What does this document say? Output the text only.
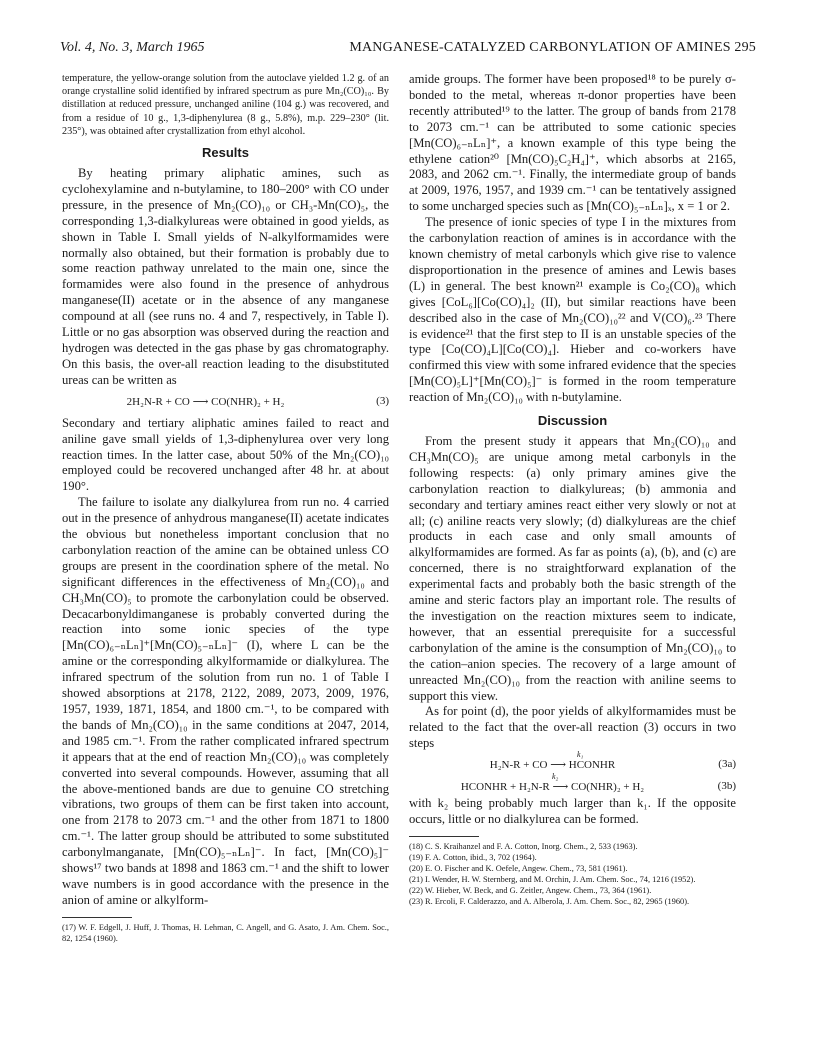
Vol. 4, No. 3, March 1965	MANGANESE-CATALYZED CARBONYLATION OF AMINES 295

temperature, the yellow-orange solution from the autoclave yielded 1.2 g. of an orange crystalline solid identified by infrared spectrum as pure Mn₂(CO)₁₀. By distillation at reduced pressure, unchanged aniline (104 g.) was recovered, and from a residue of 10 g., 1,3-diphenylurea (8 g., 5.8%), m.p. 229–230° (lit. 235°), was obtained after crystallization from ethyl alcohol.

Results

By heating primary aliphatic amines, such as cyclohexylamine and n-butylamine, to 180–200° with CO under pressure, in the presence of Mn₂(CO)₁₀ or CH₃-Mn(CO)₅, the corresponding 1,3-dialkylureas were obtained in good yields, as shown in Table I. Small yields of N-alkylformamides were normally also obtained, but their formation is probably due to some reaction pathway unrelated to the main one, since the formamides were also found in the presence of anhydrous manganese(II) acetate or in the absence of any manganese compound at all (see runs no. 4 and 7, respectively, in Table I). Little or no gas absorption was observed during the reaction and hydrogen was detected in the gas phase by gas chromatography. On this basis, the over-all reaction leading to the disubstituted ureas can be written as

2H₂N-R + CO ⟶ CO(NHR)₂ + H₂	(3)

Secondary and tertiary aliphatic amines failed to react and aniline gave small yields of 1,3-diphenylurea over very long reaction times. In the latter case, about 50% of the Mn₂(CO)₁₀ employed could be recovered unchanged after 48 hr. at about 190°.

The failure to isolate any dialkylurea from run no. 4 carried out in the presence of anhydrous manganese(II) acetate indicates the obvious but nonetheless important conclusion that no carbonylation reaction of the amine can be obtained unless CO groups are present in the coordination sphere of the metal. No significant differences in the effectiveness of Mn₂(CO)₁₀ and CH₃Mn(CO)₅ to promote the carbonylation could be observed. Decacarbonyldimanganese is probably converted during the reaction into some ionic species of the type [Mn(CO)₆₋ₙLₙ]⁺[Mn(CO)₅₋ₙLₙ]⁻ (I), where L can be the amine or the corresponding alkylformamide or dialkylurea. The infrared spectrum of the solution from run no. 1 of Table I showed absorptions at 2178, 2122, 2089, 2073, 2009, 1976, 1957, 1939, 1871, 1854, and 1800 cm.⁻¹, to be compared with the bands of Mn₂(CO)₁₀ in the same conditions at 2047, 2014, and 1985 cm.⁻¹. From the rather complicated infrared spectrum it appears that at the end of reaction Mn₂(CO)₁₀ was completely converted into several compounds. However, assuming that all the above-mentioned bands are due to genuine CO stretching vibrations, two groups of them can be first taken into account, one from 2178 to 2073 cm.⁻¹ and the other from 1871 to 1800 cm.⁻¹. The latter group should be attributed to some substituted carbonylmanganate, [Mn(CO)₅₋ₙLₙ]⁻. In fact, [Mn(CO)₅]⁻ shows¹⁷ two bands at 1898 and 1863 cm.⁻¹ and the shift to lower wave numbers is in good accordance with the presence in the anion of amine or alkylform-

(17) W. F. Edgell, J. Huff, J. Thomas, H. Lehman, C. Angell, and G. Asato, J. Am. Chem. Soc., 82, 1254 (1960).

amide groups. The former have been proposed¹⁸ to be purely σ-bonded to the metal, whereas π-donor properties have been recently attributed¹⁹ to the latter. The group of bands from 2178 to 2073 cm.⁻¹ can be attributed to some cationic species [Mn(CO)₆₋ₙLₙ]⁺, a known example of this type being the ethylene cation²⁰ [Mn(CO)₅C₂H₄]⁺, which absorbs at 2165, 2083, and 2062 cm.⁻¹. Finally, the intermediate group of bands at 2009, 1976, 1957, and 1939 cm.⁻¹ can be tentatively assigned to some uncharged species such as [Mn(CO)₅₋ₙLₙ]ₓ, x = 1 or 2.

The presence of ionic species of type I in the mixtures from the carbonylation reaction of amines is in accordance with the known chemistry of metal carbonyls which give rise to valence disproportionation in the presence of amines and Lewis bases (L) in general. The best known²¹ example is Co₂(CO)₈ which gives [CoL₆][Co(CO)₄]₂ (II), but similar reactions have been described also in the case of Mn₂(CO)₁₀²² and V(CO)₆.²³ There is evidence²¹ that the first step to II is an unstable species of the type [Co(CO)₄L][Co(CO)₄]. Hieber and co-workers have confirmed this view with some infrared evidence that the species [Mn(CO)₅L]⁺[Mn(CO)₅]⁻ is formed in the room temperature reaction of Mn₂(CO)₁₀ with n-butylamine.

Discussion

From the present study it appears that Mn₂(CO)₁₀ and CH₃Mn(CO)₅ are unique among metal carbonyls in the following respects: (a) only primary amines give the carbonylation reaction to dialkylureas; (b) ammonia and secondary and tertiary amines react either very slowly or not at all; (c) aniline reacts very slowly; (d) dialkylureas are the chief products in each case and only small amounts of alkylformamides are formed. As far as points (a), (b), and (c) are concerned, there is no straightforward explanation of the experimental facts and probably both the basic strength of the amine and steric factors play an important role. The results of the investigation on the reaction mixtures seem to indicate, however, that an essential prerequisite for a successful carbonylation of the amine is the consumption of Mn₂(CO)₁₀ to the cation–anion species. The recovery of a large amount of unreacted Mn₂(CO)₁₀ from the reaction with aniline seems to support this view.

As for point (d), the poor yields of alkylformamides must be related to the fact that the over-all reaction (3) occurs in two steps

k₁
H₂N-R + CO ⟶ HCONHR	(3a)
k₂
HCONHR + H₂N-R ⟶ CO(NHR)₂ + H₂	(3b)

with k₂ being probably much larger than k₁. If the opposite occurs, little or no dialkylurea can be formed.

(18) C. S. Kraihanzel and F. A. Cotton, Inorg. Chem., 2, 533 (1963).

(19) F. A. Cotton, ibid., 3, 702 (1964).

(20) E. O. Fischer and K. Oefele, Angew. Chem., 73, 581 (1961).

(21) I. Wender, H. W. Sternberg, and M. Orchin, J. Am. Chem. Soc., 74, 1216 (1952).

(22) W. Hieber, W. Beck, and G. Zeitler, Angew. Chem., 73, 364 (1961).

(23) R. Ercoli, F. Calderazzo, and A. Alberola, J. Am. Chem. Soc., 82, 2965 (1960).
